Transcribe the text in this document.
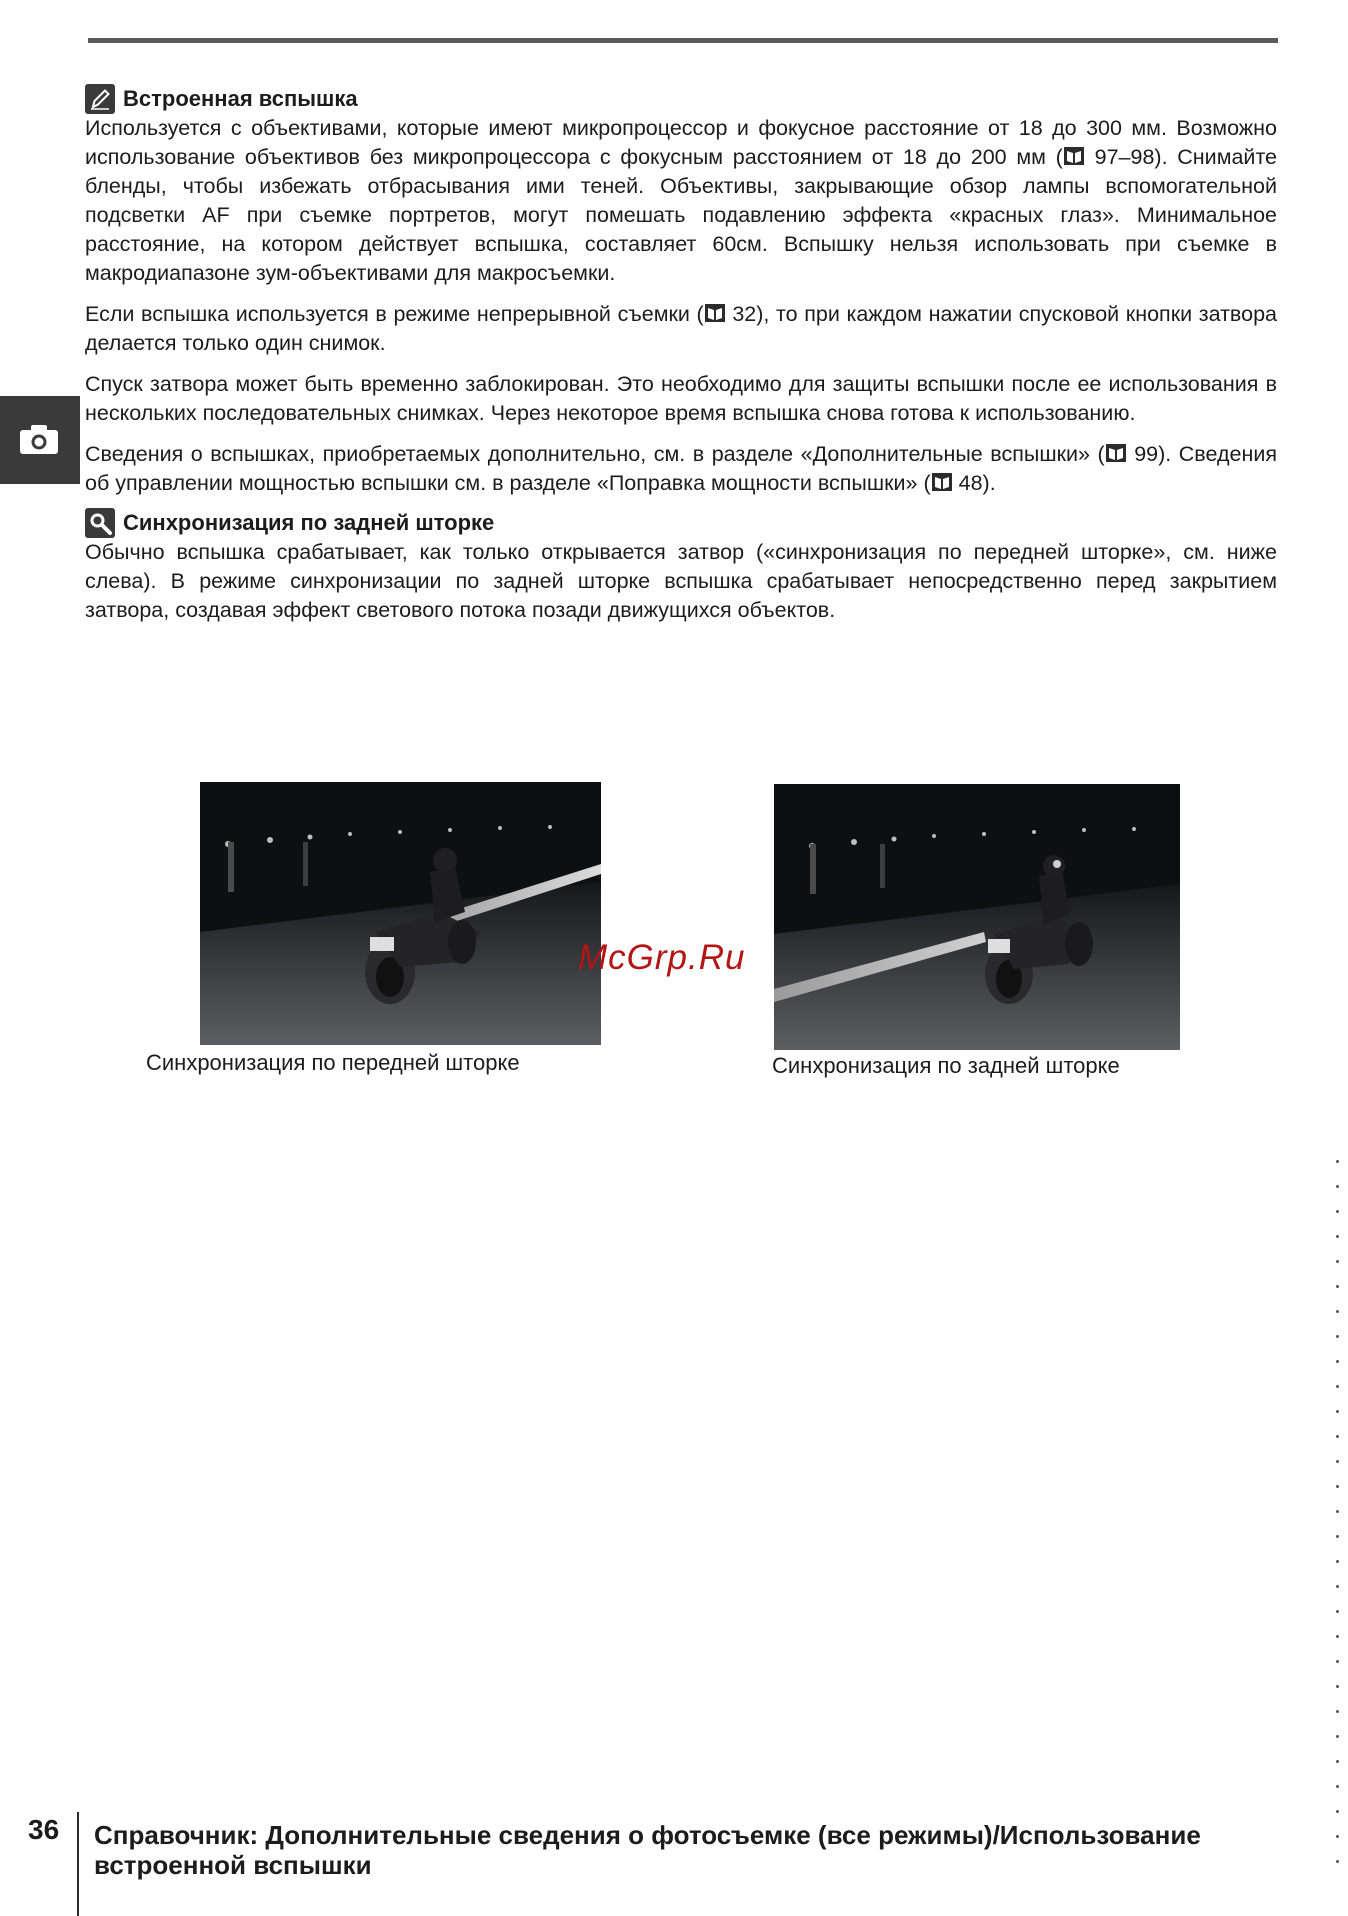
Встроенная вспышка

Используется с объективами, которые имеют микропроцессор и фокусное расстояние от 18 до 300 мм. Возможно использование объективов без микропроцессора с фокусным расстоянием от 18 до 200 мм ( 97–98). Снимайте бленды, чтобы избежать отбрасывания ими теней. Объективы, закрывающие обзор лампы вспомогательной подсветки AF при съемке портретов, могут помешать подавлению эффекта «красных глаз». Минимальное расстояние, на котором действует вспышка, составляет 60см. Вспышку нельзя использовать при съемке в макродиапазоне зум-объективами для макросъемки.

Если вспышка используется в режиме непрерывной съемки ( 32), то при каждом нажатии спусковой кнопки затвора делается только один снимок.

Спуск затвора может быть временно заблокирован. Это необходимо для защиты вспышки после ее использования в нескольких последовательных снимках. Через некоторое время вспышка снова готова к использованию.

Сведения о вспышках, приобретаемых дополнительно, см. в разделе «Дополнительные вспышки» ( 99). Сведения об управлении мощностью вспышки см. в разделе «Поправка мощности вспышки» ( 48).

Синхронизация по задней шторке

Обычно вспышка срабатывает, как только открывается затвор («синхронизация по передней шторке», см. ниже слева). В режиме синхронизации по задней шторке вспышка срабатывает непосредственно перед закрытием затвора, создавая эффект светового потока позади движущихся объектов.

Синхронизация по передней шторке	Синхронизация по задней шторке
McGrp.Ru
36 Справочник: Дополнительные сведения о фотосъемке (все режимы)/Использование встроенной вспышки
